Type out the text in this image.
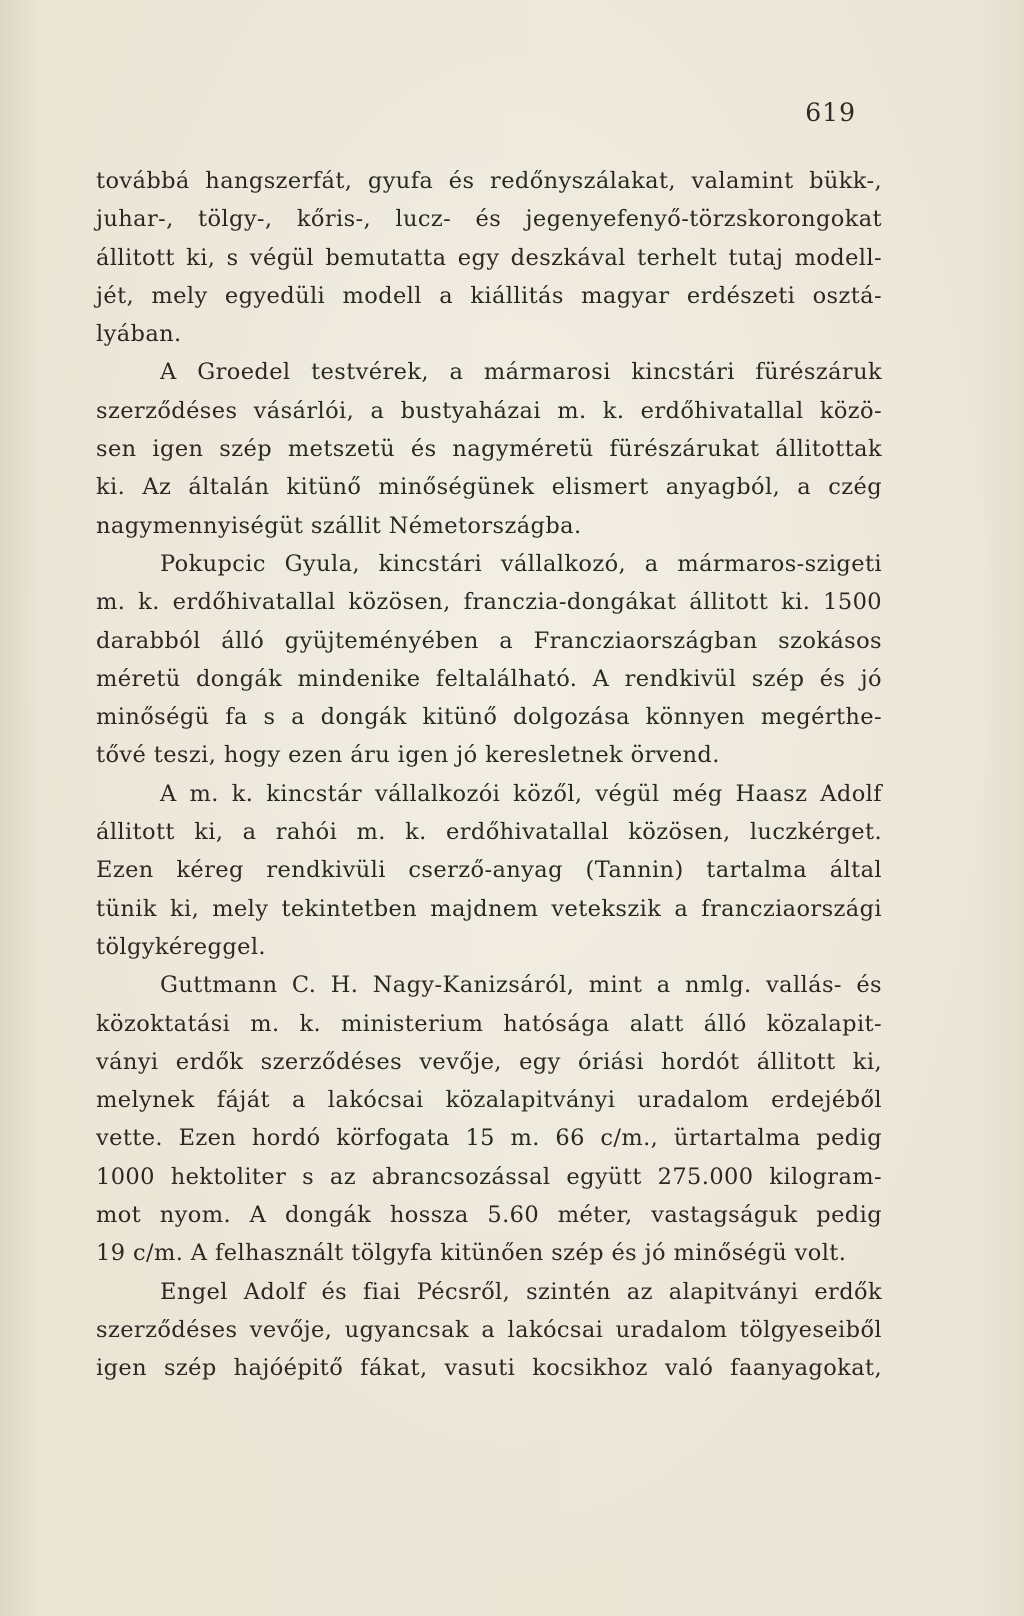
619
továbbá hangszerfát, gyufa és redőnyszálakat, valamint bükk-,
juhar-, tölgy-, kőris-, lucz- és jegenyefenyő-törzskorongokat
állitott ki, s végül bemutatta egy deszkával terhelt tutaj modell-
jét, mely egyedüli modell a kiállitás magyar erdészeti osztá-
lyában.
A Groedel testvérek, a mármarosi kincstári fürészáruk
szerződéses vásárlói, a bustyaházai m. k. erdőhivatallal közö-
sen igen szép metszetü és nagyméretü fürészárukat állitottak
ki. Az általán kitünő minőségünek elismert anyagból, a czég
nagymennyiségüt szállit Németországba.
Pokupcic Gyula, kincstári vállalkozó, a mármaros-szigeti
m. k. erdőhivatallal közösen, franczia-dongákat állitott ki. 1500
darabból álló gyüjteményében a Francziaországban szokásos
méretü dongák mindenike feltalálható. A rendkivül szép és jó
minőségü fa s a dongák kitünő dolgozása könnyen megérthe-
tővé teszi, hogy ezen áru igen jó keresletnek örvend.
A m. k. kincstár vállalkozói közől, végül még Haasz Adolf
állitott ki, a rahói m. k. erdőhivatallal közösen, luczkérget.
Ezen kéreg rendkivüli cserző-anyag (Tannin) tartalma által
tünik ki, mely tekintetben majdnem vetekszik a francziaországi
tölgykéreggel.
Guttmann C. H. Nagy-Kanizsáról, mint a nmlg. vallás- és
közoktatási m. k. ministerium hatósága alatt álló közalapit-
ványi erdők szerződéses vevője, egy óriási hordót állitott ki,
melynek fáját a lakócsai közalapitványi uradalom erdejéből
vette. Ezen hordó körfogata 15 m. 66 c/m., ürtartalma pedig
1000 hektoliter s az abrancsozással együtt 275.000 kilogram-
mot nyom. A dongák hossza 5.60 méter, vastagságuk pedig
19 c/m. A felhasznált tölgyfa kitünően szép és jó minőségü volt.
Engel Adolf és fiai Pécsről, szintén az alapitványi erdők
szerződéses vevője, ugyancsak a lakócsai uradalom tölgyeseiből
igen szép hajóépitő fákat, vasuti kocsikhoz való faanyagokat,
